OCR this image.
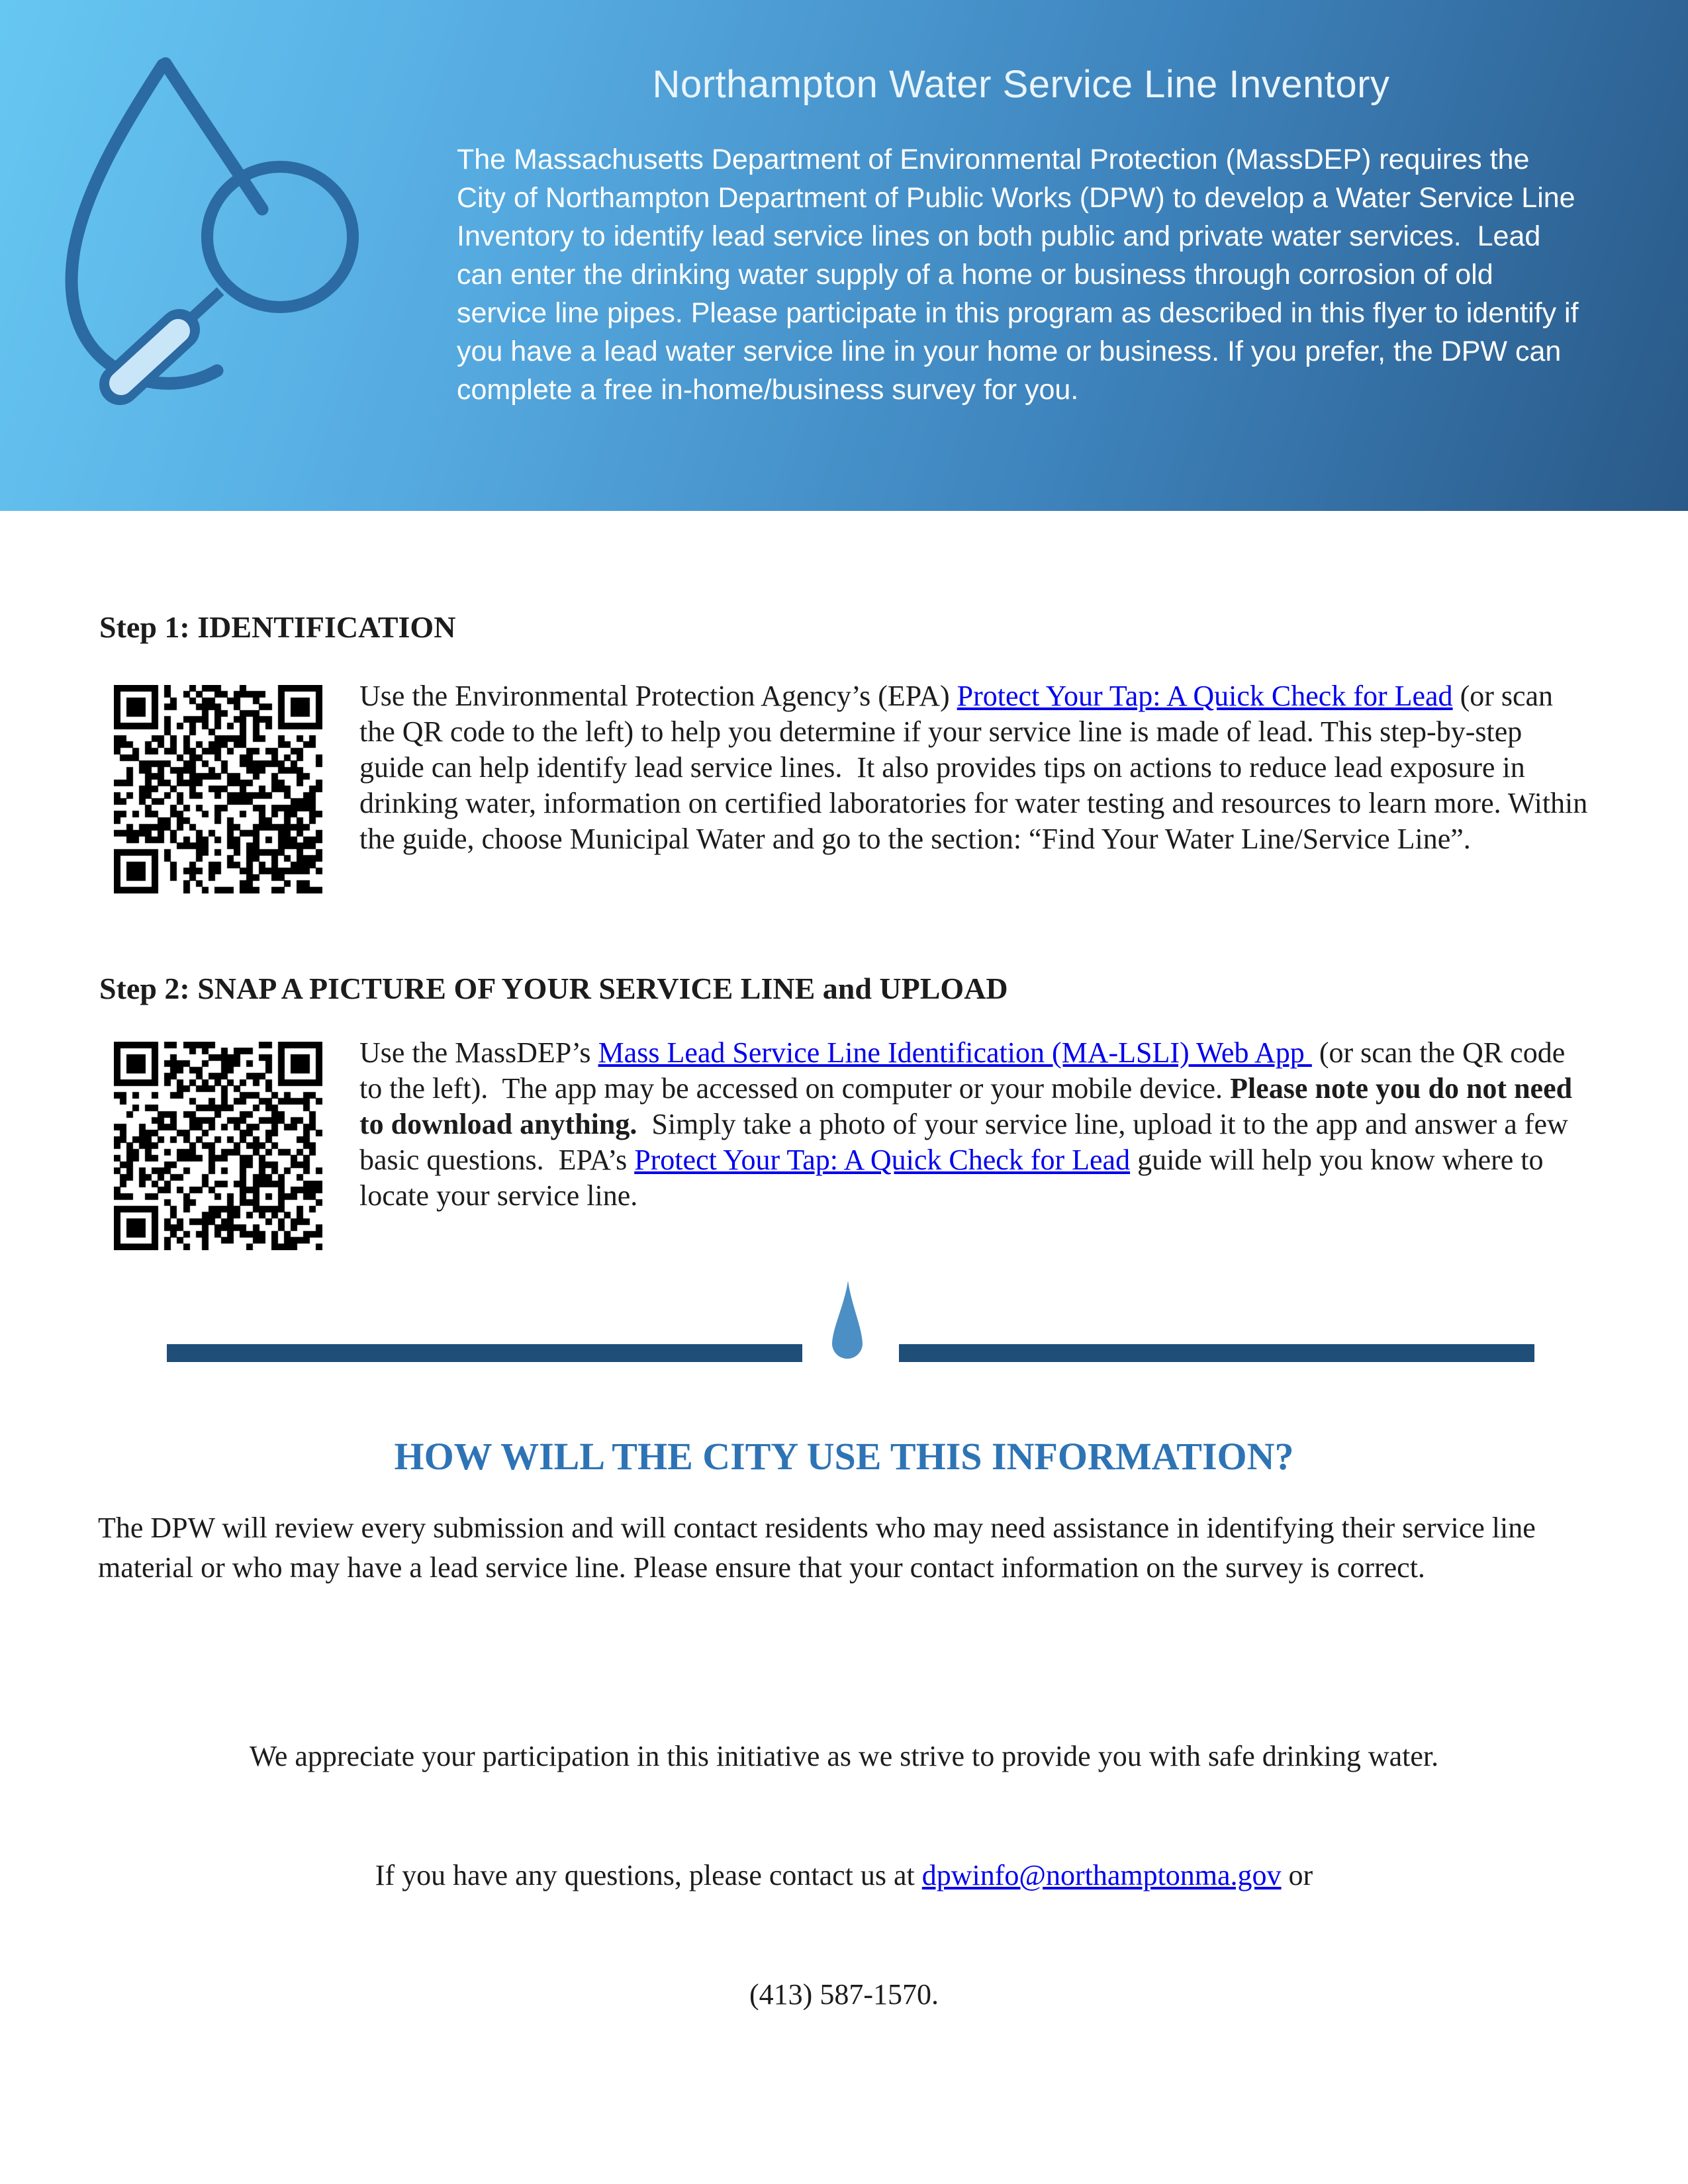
Northampton Water Service Line Inventory

The Massachusetts Department of Environmental Protection (MassDEP) requires the City of Northampton Department of Public Works (DPW) to develop a Water Service Line Inventory to identify lead service lines on both public and private water services.  Lead can enter the drinking water supply of a home or business through corrosion of old service line pipes. Please participate in this program as described in this flyer to identify if you have a lead water service line in your home or business. If you prefer, the DPW can complete a free in-home/business survey for you.

Step 1: IDENTIFICATION

Use the Environmental Protection Agency’s (EPA) Protect Your Tap: A Quick Check for Lead (or scan the QR code to the left) to help you determine if your service line is made of lead. This step-by-step guide can help identify lead service lines.  It also provides tips on actions to reduce lead exposure in drinking water, information on certified laboratories for water testing and resources to learn more. Within the guide, choose Municipal Water and go to the section: “Find Your Water Line/Service Line”.

Step 2: SNAP A PICTURE OF YOUR SERVICE LINE and UPLOAD

Use the MassDEP’s Mass Lead Service Line Identification (MA-LSLI) Web App  (or scan the QR code to the left).  The app may be accessed on computer or your mobile device. Please note you do not need to download anything.  Simply take a photo of your service line, upload it to the app and answer a few basic questions.  EPA’s Protect Your Tap: A Quick Check for Lead guide will help you know where to locate your service line.

HOW WILL THE CITY USE THIS INFORMATION?

The DPW will review every submission and will contact residents who may need assistance in identifying their service line material or who may have a lead service line. Please ensure that your contact information on the survey is correct.

We appreciate your participation in this initiative as we strive to provide you with safe drinking water.

If you have any questions, please contact us at dpwinfo@northamptonma.gov or

(413) 587-1570.
